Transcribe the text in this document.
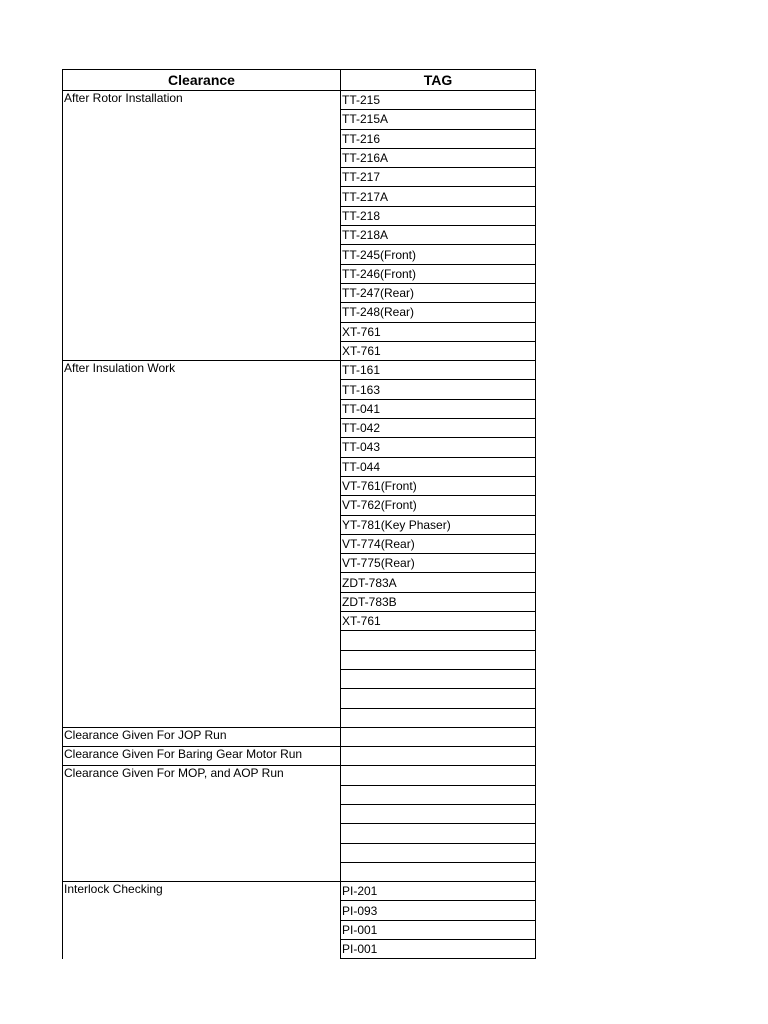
Clearance	TAG
After Rotor Installation	TT-215
	TT-215A
	TT-216
	TT-216A
	TT-217
	TT-217A
	TT-218
	TT-218A
	TT-245(Front)
	TT-246(Front)
	TT-247(Rear)
	TT-248(Rear)
	XT-761
	XT-761
After Insulation Work	TT-161
	TT-163
	TT-041
	TT-042
	TT-043
	TT-044
	VT-761(Front)
	VT-762(Front)
	YT-781(Key Phaser)
	VT-774(Rear)
	VT-775(Rear)
	ZDT-783A
	ZDT-783B
	XT-761

Clearance Given For JOP Run	
Clearance Given For Baring Gear Motor Run	
Clearance Given For MOP, and AOP Run	

Interlock Checking	PI-201
	PI-093
	PI-001
	PI-001
